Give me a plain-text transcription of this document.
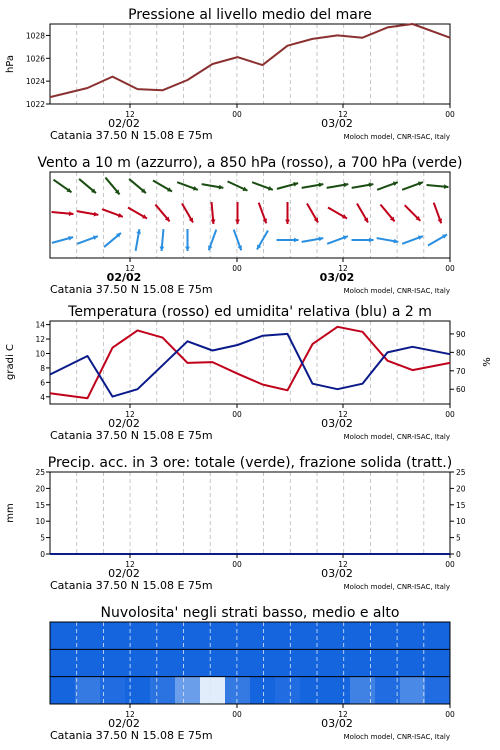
Pressione al livello medio del mare
1022
1024
1026
1028
hPa
12	00	12	00
02/02	03/02
Catania 37.50 N 15.08 E 75m	Moloch model, CNR-ISAC, Italy
Vento a 10 m (azzurro), a 850 hPa (rosso), a 700 hPa (verde)
12	00	12	00
02/02	03/02
Catania 37.50 N 15.08 E 75m	Moloch model, CNR-ISAC, Italy
Temperatura (rosso) ed umidita' relativa (blu) a 2 m
4
6
8
10
12
14
60
70
80
90
gradi C	%
12	00	12	00
02/02	03/02
Catania 37.50 N 15.08 E 75m	Moloch model, CNR-ISAC, Italy
Precip. acc. in 3 ore: totale (verde), frazione solida (tratt.)
0
5
10
15
20
25
0
5
10
15
20
25
mm
12	00	12	00
02/02	03/02
Catania 37.50 N 15.08 E 75m	Moloch model, CNR-ISAC, Italy
Nuvolosita' negli strati basso, medio e alto
12	00	12	00
02/02	03/02
Catania 37.50 N 15.08 E 75m	Moloch model, CNR-ISAC, Italy
